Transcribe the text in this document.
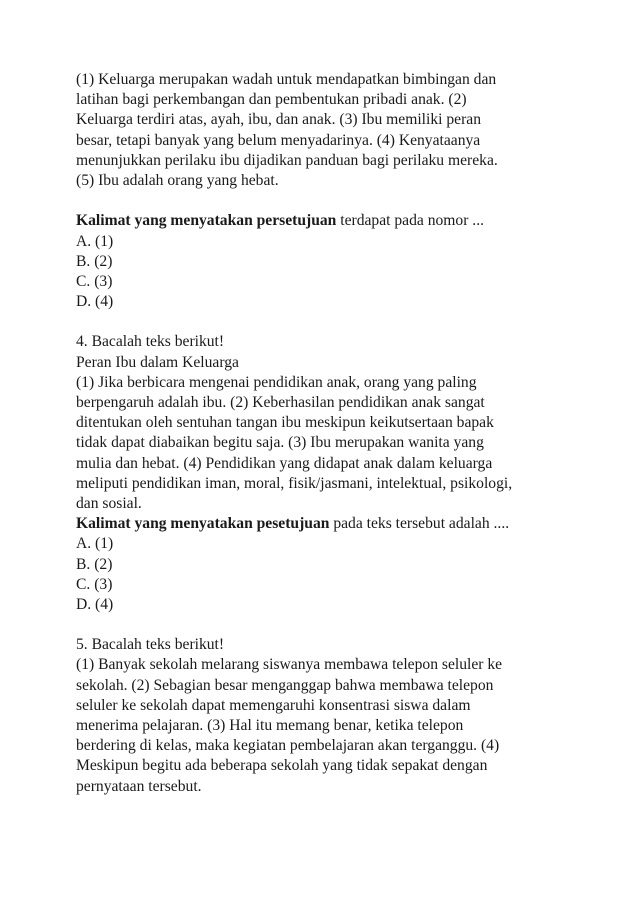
(1) Keluarga merupakan wadah untuk mendapatkan bimbingan dan
latihan bagi perkembangan dan pembentukan pribadi anak. (2)
Keluarga terdiri atas, ayah, ibu, dan anak. (3) Ibu memiliki peran
besar, tetapi banyak yang belum menyadarinya. (4) Kenyataanya
menunjukkan perilaku ibu dijadikan panduan bagi perilaku mereka.
(5) Ibu adalah orang yang hebat.
Kalimat yang menyatakan persetujuan terdapat pada nomor ...
A. (1)
B. (2)
C. (3)
D. (4)
4. Bacalah teks berikut!
Peran Ibu dalam Keluarga
(1) Jika berbicara mengenai pendidikan anak, orang yang paling
berpengaruh adalah ibu. (2) Keberhasilan pendidikan anak sangat
ditentukan oleh sentuhan tangan ibu meskipun keikutsertaan bapak
tidak dapat diabaikan begitu saja. (3) Ibu merupakan wanita yang
mulia dan hebat. (4) Pendidikan yang didapat anak dalam keluarga
meliputi pendidikan iman, moral, fisik/jasmani, intelektual, psikologi,
dan sosial.
Kalimat yang menyatakan pesetujuan pada teks tersebut adalah ....
A. (1)
B. (2)
C. (3)
D. (4)
5. Bacalah teks berikut!
(1) Banyak sekolah melarang siswanya membawa telepon seluler ke
sekolah. (2) Sebagian besar menganggap bahwa membawa telepon
seluler ke sekolah dapat memengaruhi konsentrasi siswa dalam
menerima pelajaran. (3) Hal itu memang benar, ketika telepon
berdering di kelas, maka kegiatan pembelajaran akan terganggu. (4)
Meskipun begitu ada beberapa sekolah yang tidak sepakat dengan
pernyataan tersebut.
